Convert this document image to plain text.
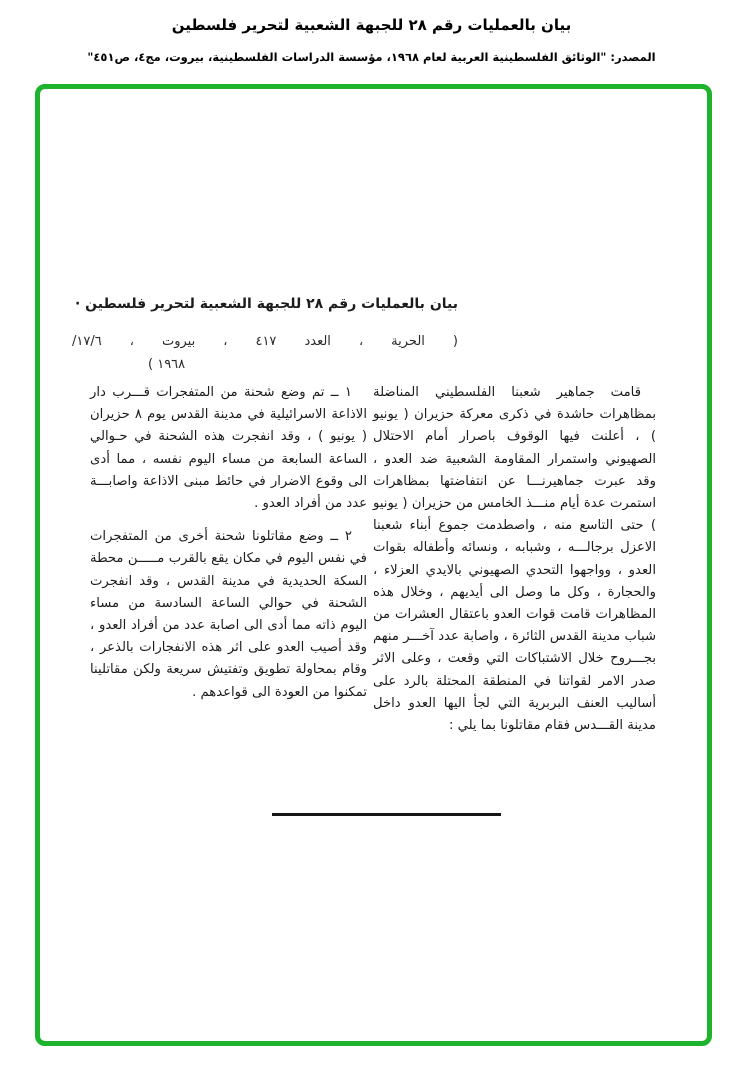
بيان بالعمليات رقم ٢٨ للجبهة الشعبية لتحرير فلسطين
المصدر: "الوثائق الفلسطينية العربية لعام ١٩٦٨، مؤسسة الدراسات الفلسطينية، بيروت، مج٤، ص٤٥١"
بيان بالعمليات رقم ٢٨ للجبهة الشعبية لتحرير فلسطين ·
( الحرية ، العدد ٤١٧ ، بيروت ، ١٧/٦/
١٩٦٨ )

قامت جماهير شعبنا الفلسطيني المناضلة بمظاهرات حاشدة في ذكرى معركة حزيران ( يونيو ) ، أعلنت فيها الوقوف باصرار أمام الاحتلال الصهيوني واستمرار المقاومة الشعبية ضد العدو ، وقد عبرت جماهيرنـــا عن انتفاضتها بمظاهرات استمرت عدة أيام منـــذ الخامس من حزيران ( يونيو ) حتى التاسع منه ، واصطدمت جموع أبناء شعبنا الاعزل برجالـــه ، وشبابه ، ونسائه وأطفاله بقوات العدو ، وواجهوا التحدي الصهيوني بالايدي العزلاء ، والحجارة ، وكل ما وصل الى أيديهم ، وخلال هذه المظاهرات قامت قوات العدو باعتقال العشرات من شباب مدينة القدس الثائرة ، واصابة عدد آخـــر منهم بجـــروح خلال الاشتباكات التي وقعت ، وعلى الاثر صدر الامر لقواتنا في المنطقة المحتلة بالرد على أساليب العنف البربرية التي لجأ اليها العدو داخل مدينة القـــدس فقام مقاتلونا بما يلي :

١ ــ تم وضع شحنة من المتفجرات قـــرب دار الاذاعة الاسرائيلية في مدينة القدس يوم ٨ حزيران ( يونيو ) ، وقد انفجرت هذه الشحنة في حـوالي الساعة السابعة من مساء اليوم نفسه ، مما أدى الى وقوع الاضرار في حائط مبنى الاذاعة واصابـــة عدد من أفراد العدو .

٢ ــ وضع مقاتلونا شحنة أخرى من المتفجرات في نفس اليوم في مكان يقع بالقرب مـــــن محطة السكة الحديدية في مدينة القدس ، وقد انفجرت الشحنة في حوالي الساعة السادسة من مساء اليوم ذاته مما أدى الى اصابة عدد من أفراد العدو ، وقد أصيب العدو على اثر هذه الانفجارات بالذعر ، وقام بمحاولة تطويق وتفتيش سريعة ولكن مقاتلينا تمكنوا من العودة الى قواعدهم .
